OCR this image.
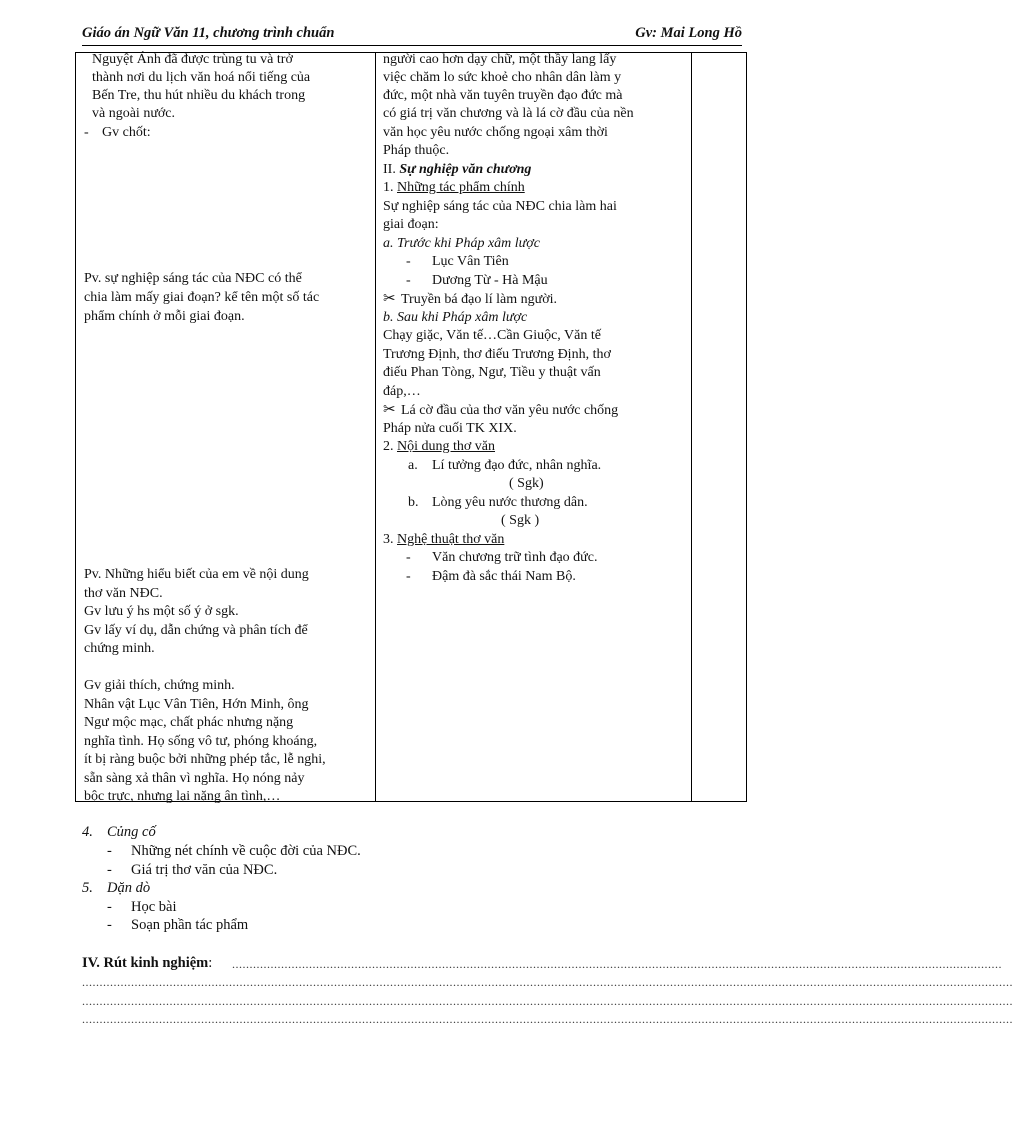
Giáo án Ngữ Văn 11, chương trình chuẩn	Gv: Mai Long Hồ
Nguyệt Ánh đã được trùng tu và trở
thành nơi du lịch văn hoá nổi tiếng của
Bến Tre, thu hút nhiều du khách trong
và ngoài nước.
- Gv chốt:
Pv. sự nghiệp sáng tác của NĐC có thể
chia làm mấy giai đoạn? kể tên một số tác
phẩm chính ở mỗi giai đoạn.
Pv. Những hiểu biết của em về nội dung
thơ văn NĐC.
Gv lưu ý hs một số ý ở sgk.
Gv lấy ví dụ, dẫn chứng và phân tích để
chứng minh.
Gv giải thích, chứng minh.
Nhân vật Lục Vân Tiên, Hớn Minh, ông
Ngư mộc mạc, chất phác nhưng nặng
nghĩa tình. Họ sống vô tư, phóng khoáng,
ít bị ràng buộc bởi những phép tắc, lễ nghi,
sẵn sàng xả thân vì nghĩa. Họ nóng nảy
bộc trực, nhưng lại nặng ân tình,…
người cao hơn dạy chữ, một thầy lang lấy
việc chăm lo sức khoẻ cho nhân dân làm y
đức, một nhà văn tuyên truyền đạo đức mà
có giá trị văn chương và là lá cờ đầu của nền
văn học yêu nước chống ngoại xâm thời
Pháp thuộc.
II. Sự nghiệp văn chương
1. Những tác phẩm chính
Sự nghiệp sáng tác của NĐC chia làm hai
giai đoạn:
a. Trước khi Pháp xâm lược
- Lục Vân Tiên
- Dương Từ - Hà Mậu
✂ Truyền bá đạo lí làm người.
b. Sau khi Pháp xâm lược
Chạy giặc, Văn tế…Cần Giuộc, Văn tế
Trương Định, thơ điếu Trương Định, thơ
điếu Phan Tòng, Ngư, Tiều y thuật vấn
đáp,…
✂ Lá cờ đầu của thơ văn yêu nước chống
Pháp nửa cuối TK XIX.
2. Nội dung thơ văn
a. Lí tưởng đạo đức, nhân nghĩa.
( Sgk)
b. Lòng yêu nước thương dân.
( Sgk )
3. Nghệ thuật thơ văn
- Văn chương trữ tình đạo đức.
- Đậm đà sắc thái Nam Bộ.
4. Củng cố
- Những nét chính về cuộc đời của NĐC.
- Giá trị thơ văn của NĐC.
5. Dặn dò
- Học bài
- Soạn phần tác phẩm
IV. Rút kinh nghiệm: ............................................................................................................................................................................................................................
..........................................................................................................................................................................................................................................................................
..........................................................................................................................................................................................................................................................................
..........................................................................................................................................................................................................................................................................
